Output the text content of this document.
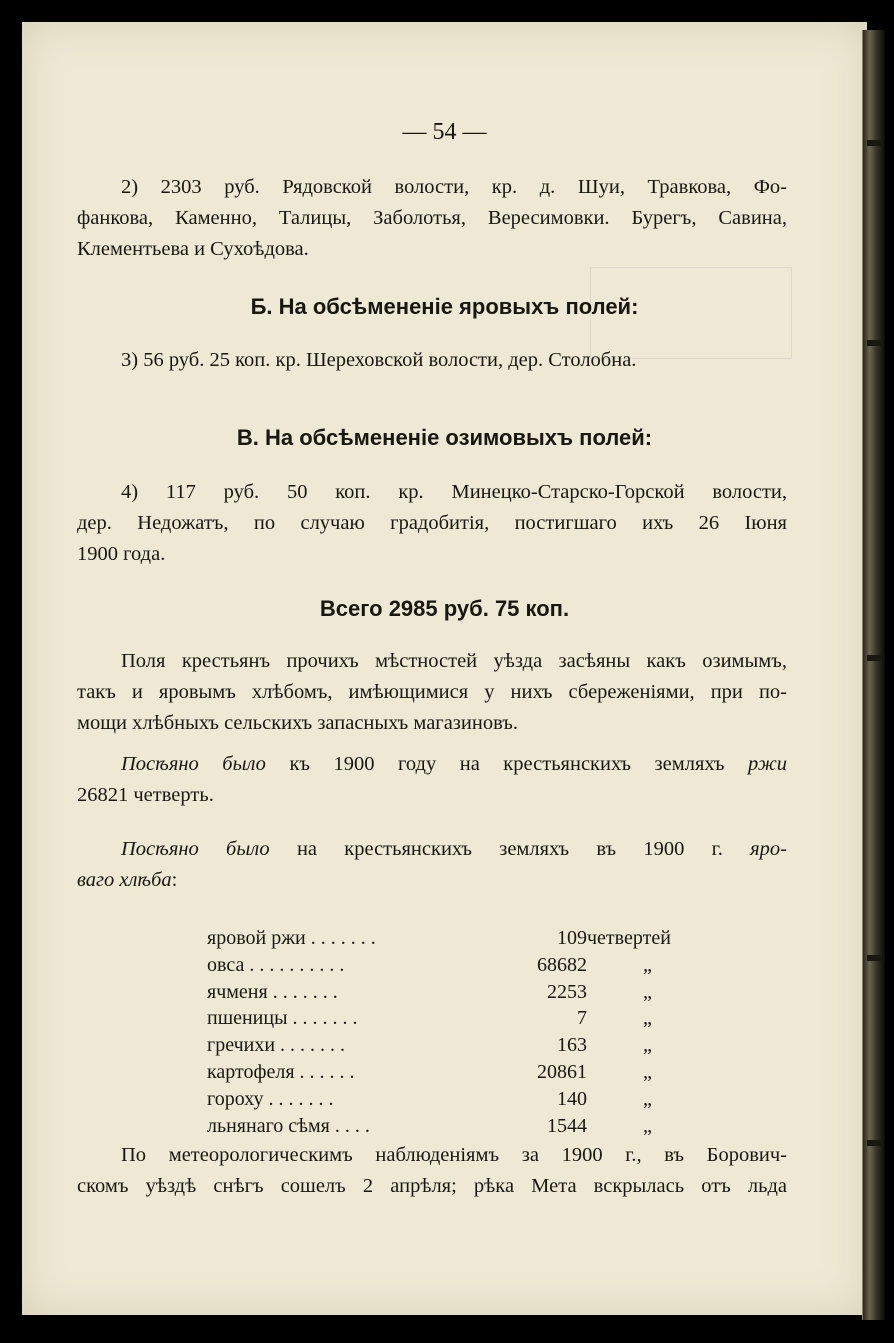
— 54 —
2) 2303 руб. Рядовской волости, кр. д. Шуи, Травкова, Фо-
фанкова, Каменно, Талицы, Заболотья, Вересимовки. Бурегъ, Савина,
Клементьева и Сухоѣдова.
Б. На обсѣмененіе яровыхъ полей:
3) 56 руб. 25 коп. кр. Шереховской волости, дер. Столобна.
В. На обсѣмененіе озимовыхъ полей:
4) 117 руб. 50 коп. кр. Минецко-Старско-Горской волости,
дер. Недожатъ, по случаю градобитія, постигшаго ихъ 26 Іюня
1900 года.
Всего 2985 руб. 75 коп.
Поля крестьянъ прочихъ мѣстностей уѣзда засѣяны какъ озимымъ,
такъ и яровымъ хлѣбомъ, имѣющимися у нихъ сбереженіями, при по-
мощи хлѣбныхъ сельскихъ запасныхъ магазиновъ.
Посѣяно было къ 1900 году на крестьянскихъ земляхъ ржи
26821 четверть.
Посѣяно было на крестьянскихъ земляхъ въ 1900 г. яро-
ваго хлѣба:
яровой ржи . . . . . . .	109 четвертей
овса . . . . . . . . . .	68682	„
ячменя . . . . . . .	2253	„
пшеницы . . . . . . .	7	„
гречихи . . . . . . .	163	„
картофеля . . . . . .	20861	„
гороху . . . . . . .	140	„
льнянаго сѣмя . . . .	1544	„
По метеорологическимъ наблюденіямъ за 1900 г., въ Борович-
скомъ уѣздѣ снѣгъ сошелъ 2 апрѣля; рѣка Мета вскрылась отъ льда
